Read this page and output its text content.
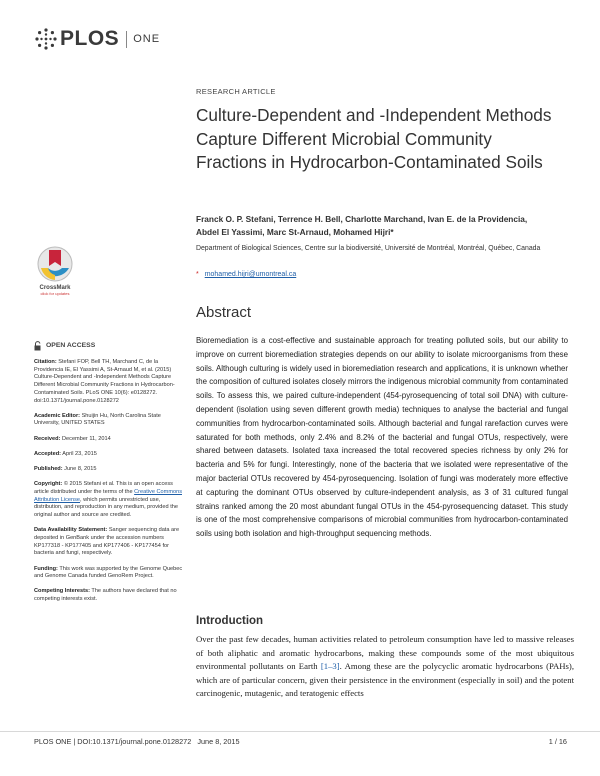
PLOS ONE
RESEARCH ARTICLE
Culture-Dependent and -Independent Methods Capture Different Microbial Community Fractions in Hydrocarbon-Contaminated Soils
Franck O. P. Stefani, Terrence H. Bell, Charlotte Marchand, Ivan E. de la Providencia,
Abdel El Yassimi, Marc St-Arnaud, Mohamed Hijri*
Department of Biological Sciences, Centre sur la biodiversité, Université de Montréal, Montréal, Québec, Canada
* mohamed.hijri@umontreal.ca
Abstract
Bioremediation is a cost-effective and sustainable approach for treating polluted soils, but our ability to improve on current bioremediation strategies depends on our ability to isolate microorganisms from these soils. Although culturing is widely used in bioremediation research and applications, it is unknown whether the composition of cultured isolates closely mirrors the indigenous microbial community from contaminated soils. To assess this, we paired culture-independent (454-pyrosequencing of total soil DNA) with culture-dependent (isolation using seven different growth media) techniques to analyse the bacterial and fungal communities from hydrocarbon-contaminated soils. Although bacterial and fungal rarefaction curves were saturated for both methods, only 2.4% and 8.2% of the bacterial and fungal OTUs, respectively, were shared between datasets. Isolated taxa increased the total recovered species richness by only 2% for bacteria and 5% for fungi. Interestingly, none of the bacteria that we isolated were representative of the major bacterial OTUs recovered by 454-pyrosequencing. Isolation of fungi was moderately more effective at capturing the dominant OTUs observed by culture-independent analysis, as 3 of 31 cultured fungal strains ranked among the 20 most abundant fungal OTUs in the 454-pyrosequencing dataset. This study is one of the most comprehensive comparisons of microbial communities from hydrocarbon-contaminated soils using both isolation and high-throughput sequencing methods.
Introduction
Over the past few decades, human activities related to petroleum consumption have led to massive releases of both aliphatic and aromatic hydrocarbons, making these compounds some of the most ubiquitous environmental pollutants on Earth [1–3]. Among these are the polycyclic aromatic hydrocarbons (PAHs), which are of particular concern, given their persistence in the environment (especially in soil) and the potent carcinogenic, mutagenic, and teratogenic effects
CrossMark
click for updates
OPEN ACCESS
Citation: Stefani FOP, Bell TH, Marchand C, de la Providencia IE, El Yassimi A, St-Arnaud M, et al. (2015) Culture-Dependent and -Independent Methods Capture Different Microbial Community Fractions in Hydrocarbon-Contaminated Soils. PLoS ONE 10(6): e0128272. doi:10.1371/journal.pone.0128272
Academic Editor: Shuijin Hu, North Carolina State University, UNITED STATES
Received: December 11, 2014
Accepted: April 23, 2015
Published: June 8, 2015
Copyright: © 2015 Stefani et al. This is an open access article distributed under the terms of the Creative Commons Attribution License, which permits unrestricted use, distribution, and reproduction in any medium, provided the original author and source are credited.
Data Availability Statement: Sanger sequencing data are deposited in GenBank under the accession numbers KP177318 - KP177405 and KP177406 - KP177454 for bacteria and fungi, respectively.
Funding: This work was supported by the Genome Quebec and Genome Canada funded GenoRem Project.
Competing Interests: The authors have declared that no competing interests exist.
PLOS ONE | DOI:10.1371/journal.pone.0128272   June 8, 2015	1 / 16
